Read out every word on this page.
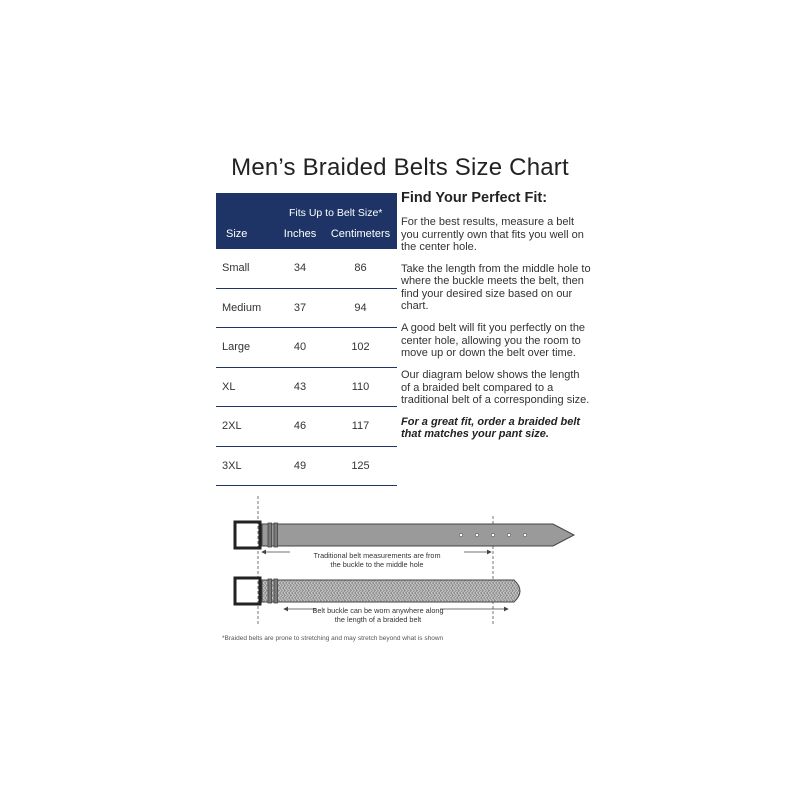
Men’s Braided Belts Size Chart
Fits Up to Belt Size*		
Size	Inches	Centimeters
Small	34	86
Medium	37	94
Large	40	102
XL	43	110
2XL	46	117
3XL	49	125
Find Your Perfect Fit:

For the best results, measure a belt you currently own that fits you well on the center hole.

Take the length from the middle hole to where the buckle meets the belt, then find your desired size based on our chart.

A good belt will fit you perfectly on the center hole, allowing you the room to move up or down the belt over time.

Our diagram below shows the length of a braided belt compared to a traditional belt of a corresponding size.

For a great fit, order a braided belt that matches your pant size.

Traditional belt measurements are from
the buckle to the middle hole
Belt buckle can be worn anywhere along
the length of a braided belt
*Braided belts are prone to stretching and may stretch beyond what is shown
